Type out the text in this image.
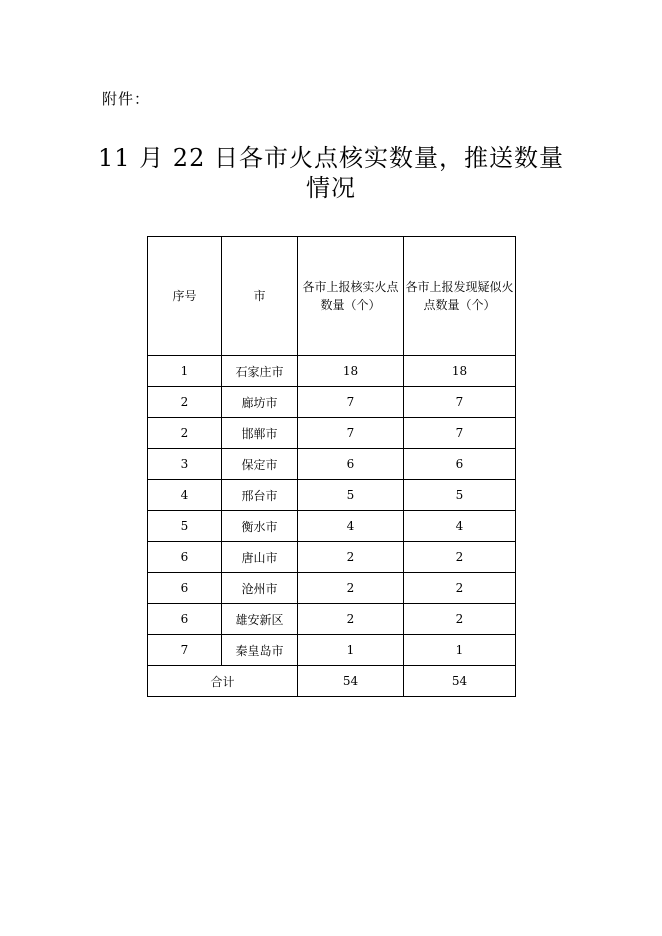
附件：
11 月 22 日各市火点核实数量，推送数量情况
序号	市	各市上报核实火点数量（个）	各市上报发现疑似火点数量（个）
1	石家庄市	18	18
2	廊坊市	7	7
2	邯郸市	7	7
3	保定市	6	6
4	邢台市	5	5
5	衡水市	4	4
6	唐山市	2	2
6	沧州市	2	2
6	雄安新区	2	2
7	秦皇岛市	1	1
合计		54	54
